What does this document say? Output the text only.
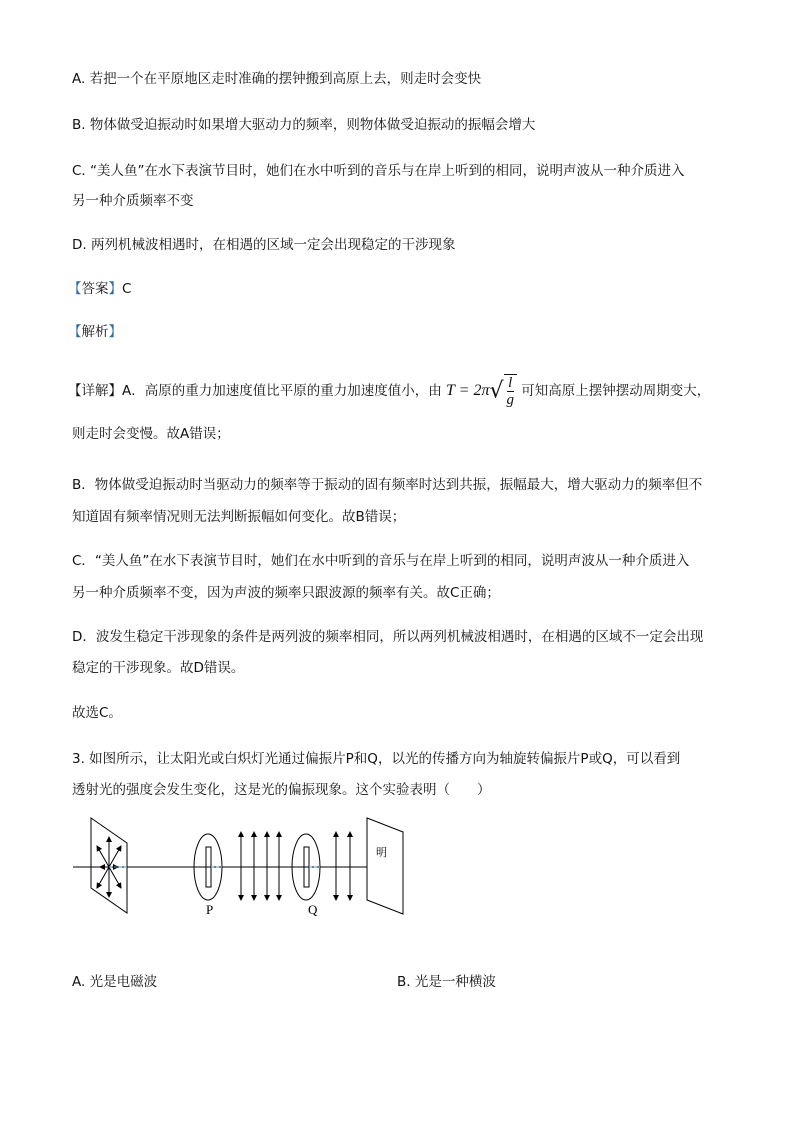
A. 若把一个在平原地区走时准确的摆钟搬到高原上去，则走时会变快
B. 物体做受迫振动时如果增大驱动力的频率，则物体做受迫振动的振幅会增大
C. “美人鱼”在水下表演节目时，她们在水中听到的音乐与在岸上听到的相同，说明声波从一种介质进入
另一种介质频率不变
D. 两列机械波相遇时，在相遇的区域一定会出现稳定的干涉现象
【答案】C
【解析】
【详解】A．高原的重力加速度值比平原的重力加速度值小，由 $T = 2\pi√ \frac{l}{g}$ 可知高原上摆钟摆动周期变大，
则走时会变慢。故A错误；
B．物体做受迫振动时当驱动力的频率等于振动的固有频率时达到共振，振幅最大，增大驱动力的频率但不
知道固有频率情况则无法判断振幅如何变化。故B错误；
C．“美人鱼”在水下表演节目时，她们在水中听到的音乐与在岸上听到的相同，说明声波从一种介质进入
另一种介质频率不变，因为声波的频率只跟波源的频率有关。故C正确；
D．波发生稳定干涉现象的条件是两列波的频率相同，所以两列机械波相遇时，在相遇的区域不一定会出现
稳定的干涉现象。故D错误。
故选C。
3. 如图所示，让太阳光或白炽灯光通过偏振片P和Q，以光的传播方向为轴旋转偏振片P或Q，可以看到
透射光的强度会发生变化，这是光的偏振现象。这个实验表明（　　）
P	Q
明
A. 光是电磁波	B. 光是一种横波
